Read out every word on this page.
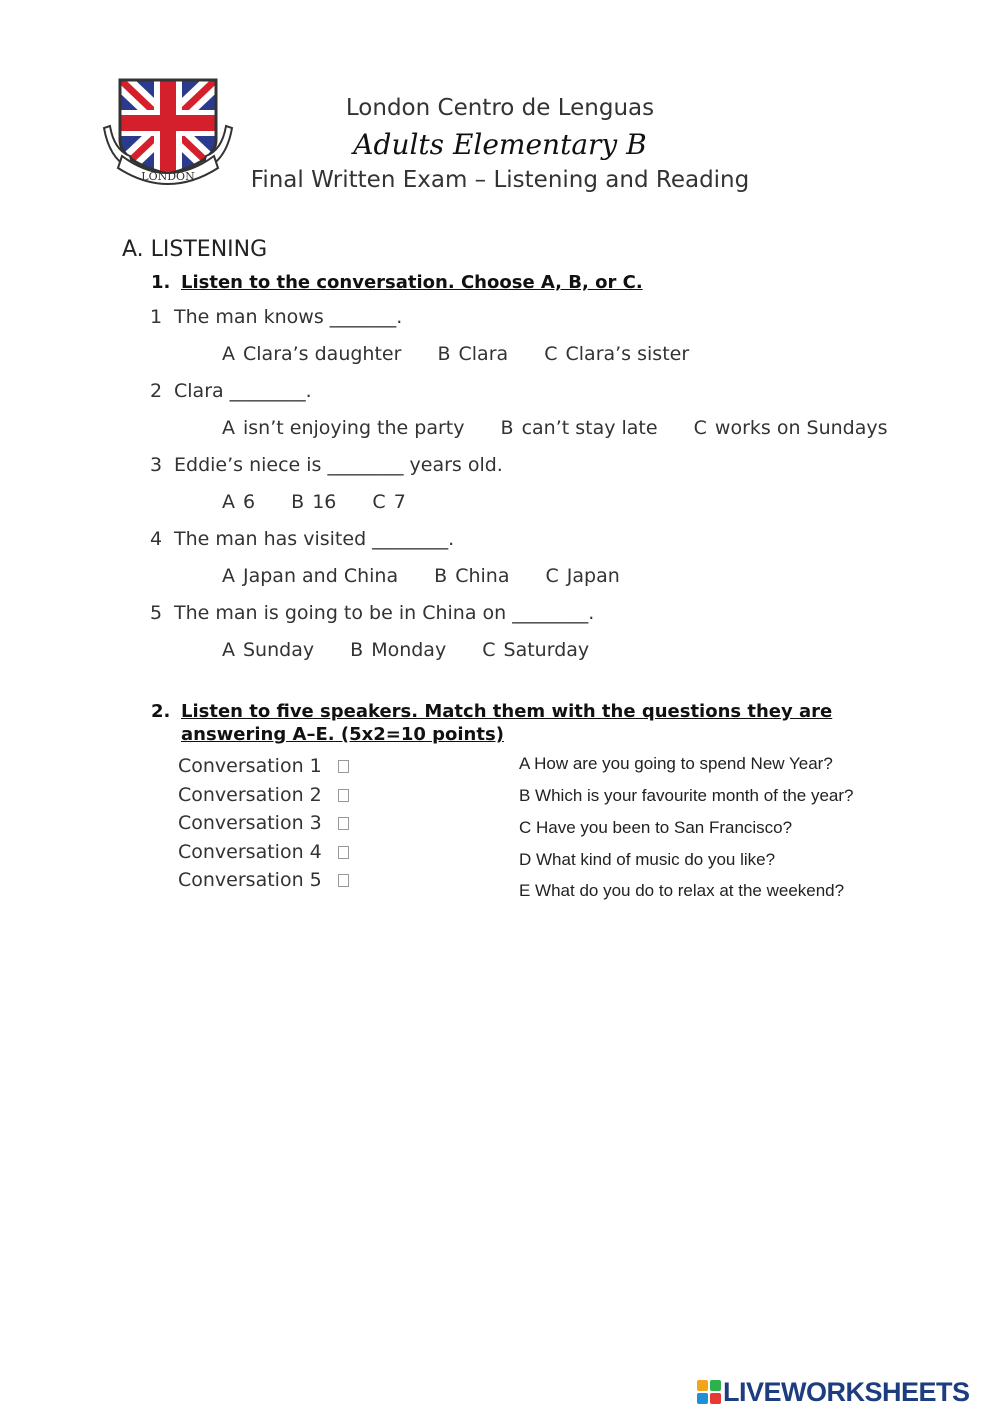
LONDON
London Centro de Lenguas
Adults Elementary B
Final Written Exam – Listening and Reading
A. LISTENING
1. Listen to the conversation. Choose A, B, or C.
1 The man knows _______.
A Clara’s daughter B Clara C Clara’s sister
2 Clara ________.
A isn’t enjoying the party B can’t stay late C works on Sundays
3 Eddie’s niece is ________ years old.
A 6 B 16 C 7
4 The man has visited ________.
A Japan and China B China C Japan
5 The man is going to be in China on ________.
A Sunday B Monday C Saturday
2. Listen to five speakers. Match them with the questions they are answering A–E. (5x2=10 points)
Conversation 1
Conversation 2
Conversation 3
Conversation 4
Conversation 5
A How are you going to spend New Year?
B Which is your favourite month of the year?
C Have you been to San Francisco?
D What kind of music do you like?
E What do you do to relax at the weekend?
LIVEWORKSHEETS
